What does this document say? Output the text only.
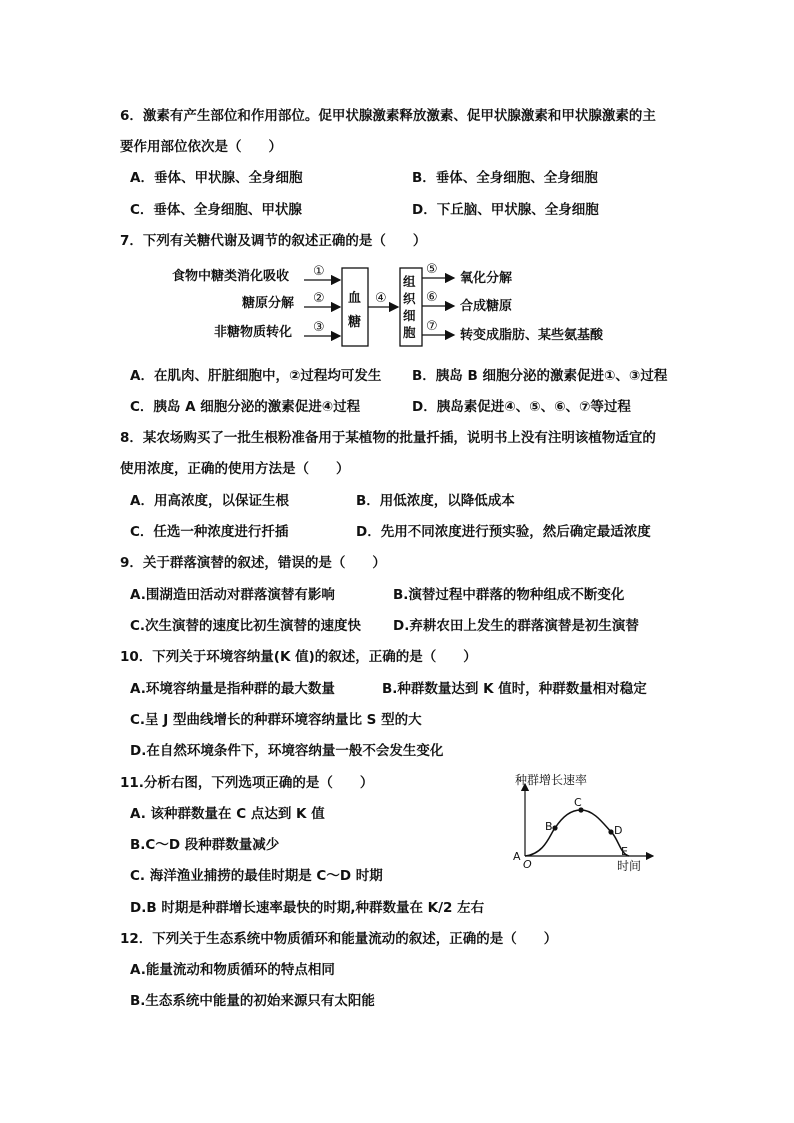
6．激素有产生部位和作用部位。促甲状腺激素释放激素、促甲状腺激素和甲状腺激素的主
要作用部位依次是（　　）
A．垂体、甲状腺、全身细胞	B．垂体、全身细胞、全身细胞
C．垂体、全身细胞、甲状腺	D．下丘脑、甲状腺、全身细胞
7．下列有关糖代谢及调节的叙述正确的是（　　）
食物中糖类消化吸收
糖原分解
非糖物质转化
①
②
③
血
糖
④
组
织
细
胞
⑤
⑥
⑦
氧化分解
合成糖原
转变成脂肪、某些氨基酸
A．在肌肉、肝脏细胞中，②过程均可发生 B．胰岛 B 细胞分泌的激素促进①、③过程
C．胰岛 A 细胞分泌的激素促进④过程	D．胰岛素促进④、⑤、⑥、⑦等过程
8．某农场购买了一批生根粉准备用于某植物的批量扦插，说明书上没有注明该植物适宜的
使用浓度，正确的使用方法是（　　）
A．用高浓度，以保证生根	B．用低浓度，以降低成本
C．任选一种浓度进行扦插	D．先用不同浓度进行预实验，然后确定最适浓度
9．关于群落演替的叙述，错误的是（　　）
A.围湖造田活动对群落演替有影响	B.演替过程中群落的物种组成不断变化
C.次生演替的速度比初生演替的速度快 D.弃耕农田上发生的群落演替是初生演替
10．下列关于环境容纳量(K 值)的叙述，正确的是（　　）
A.环境容纳量是指种群的最大数量	B.种群数量达到 K 值时，种群数量相对稳定
C.呈 J 型曲线增长的种群环境容纳量比 S 型的大
D.在自然环境条件下，环境容纳量一般不会发生变化
11.分析右图，下列选项正确的是（　　）
A. 该种群数量在 C 点达到 K 值
B.C～D 段种群数量减少
C. 海洋渔业捕捞的最佳时期是 C～D 时期
D.B 时期是种群增长速率最快的时期,种群数量在 K/2 左右
种群增长速率
A
B
C
D
E
O	时间
12．下列关于生态系统中物质循环和能量流动的叙述，正确的是（　　）
A.能量流动和物质循环的特点相同
B.生态系统中能量的初始来源只有太阳能
